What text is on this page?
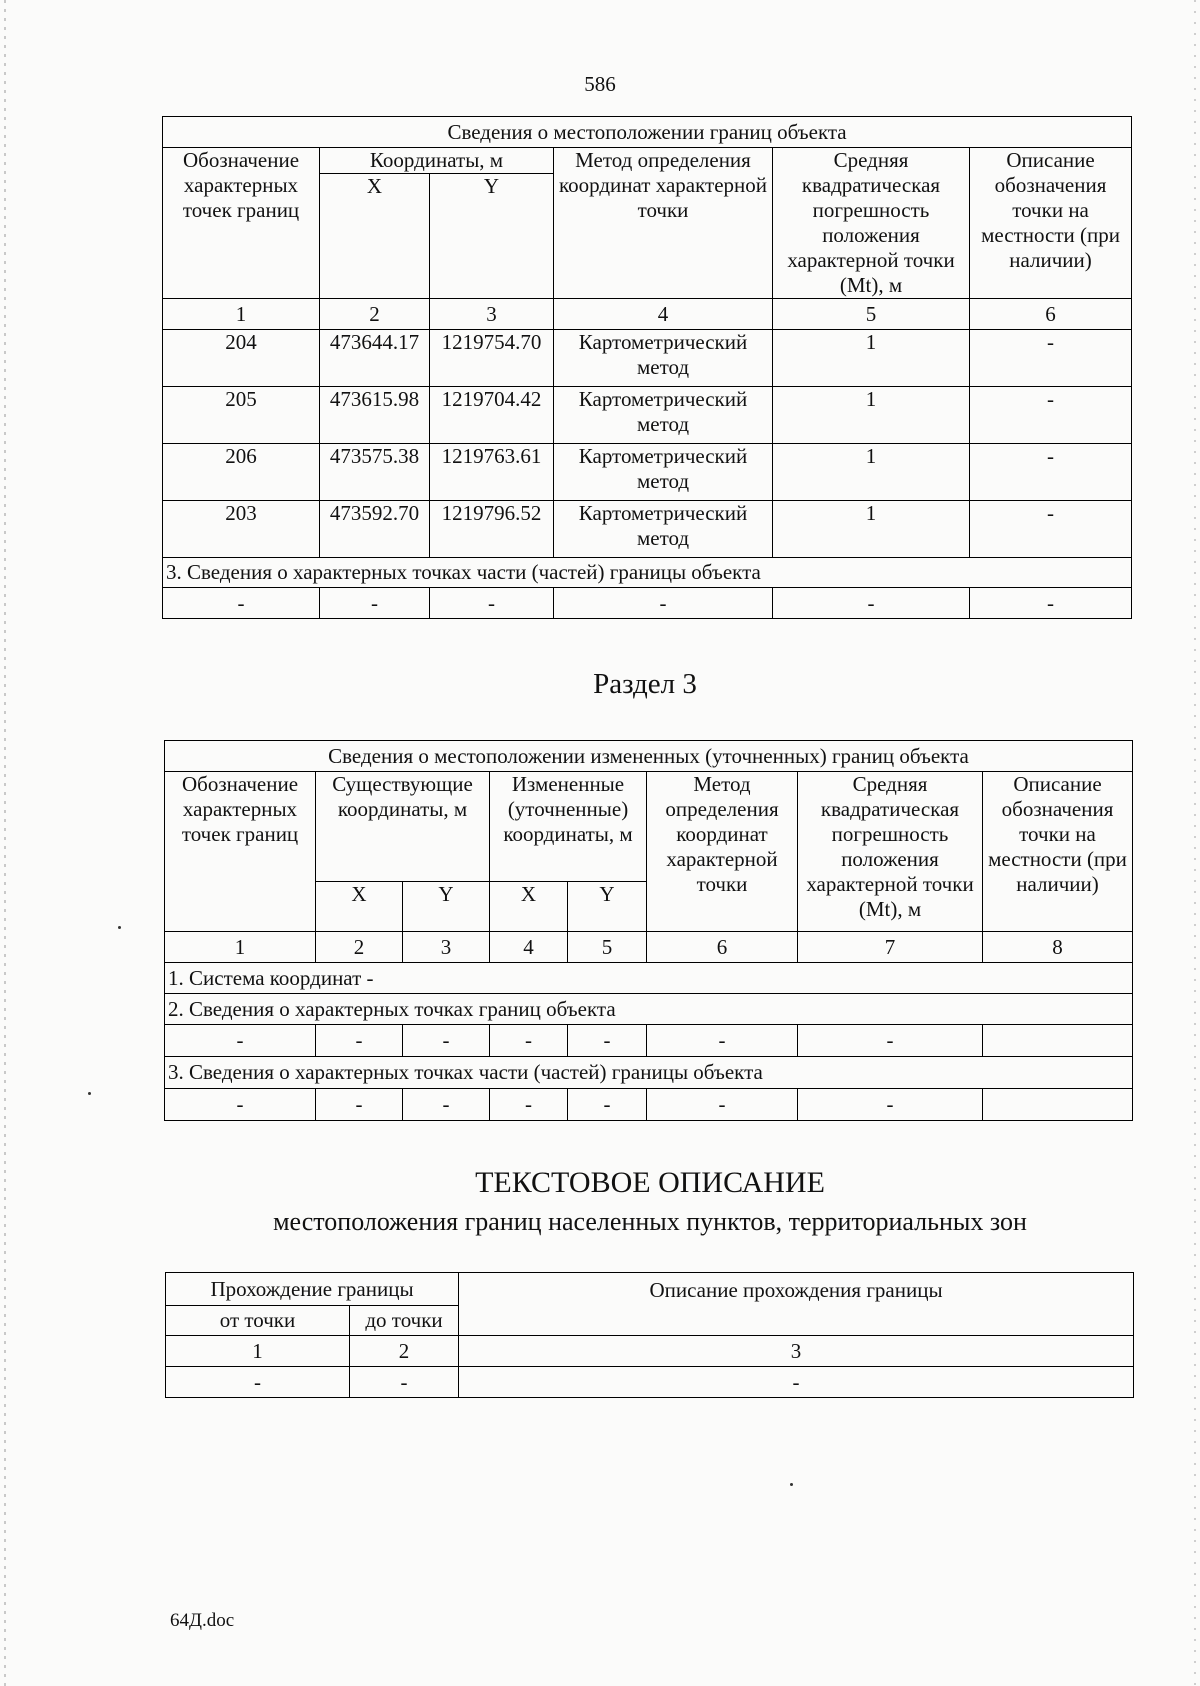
586
Сведения о местоположении границ объекта					
Обозначение характерных точек границ	Координаты, м		Метод определения координат характерной точки	Средняя квадратическая погрешность положения характерной точки (Mt), м	Описание обозначения точки на местности (при наличии)
	X	Y			
1	2	3	4	5	6
204	473644.17	1219754.70	Картометрический метод	1	-
205	473615.98	1219704.42	Картометрический метод	1	-
206	473575.38	1219763.61	Картометрический метод	1	-
203	473592.70	1219796.52	Картометрический метод	1	-
3. Сведения о характерных точках части (частей) границы объекта					
-	-	-	-	-	-
Раздел 3
Сведения о местоположении измененных (уточненных) границ объекта							
Обозначение характерных точек границ	Существующие координаты, м		Измененные (уточненные) координаты, м		Метод определения координат характерной точки	Средняя квадратическая погрешность положения характерной точки (Mt), м	Описание обозначения точки на местности (при наличии)
	X	Y	X	Y			
1	2	3	4	5	6	7	8
1. Система координат -							
2. Сведения о характерных точках границ объекта							
-	-	-	-	-	-	-	
3. Сведения о характерных точках части (частей) границы объекта							
-	-	-	-	-	-	-	
ТЕКСТОВОЕ ОПИСАНИЕ
местоположения границ населенных пунктов, территориальных зон
Прохождение границы		Описание прохождения границы
от точки	до точки	
1	2	3
-	-	-
64Д.doc
